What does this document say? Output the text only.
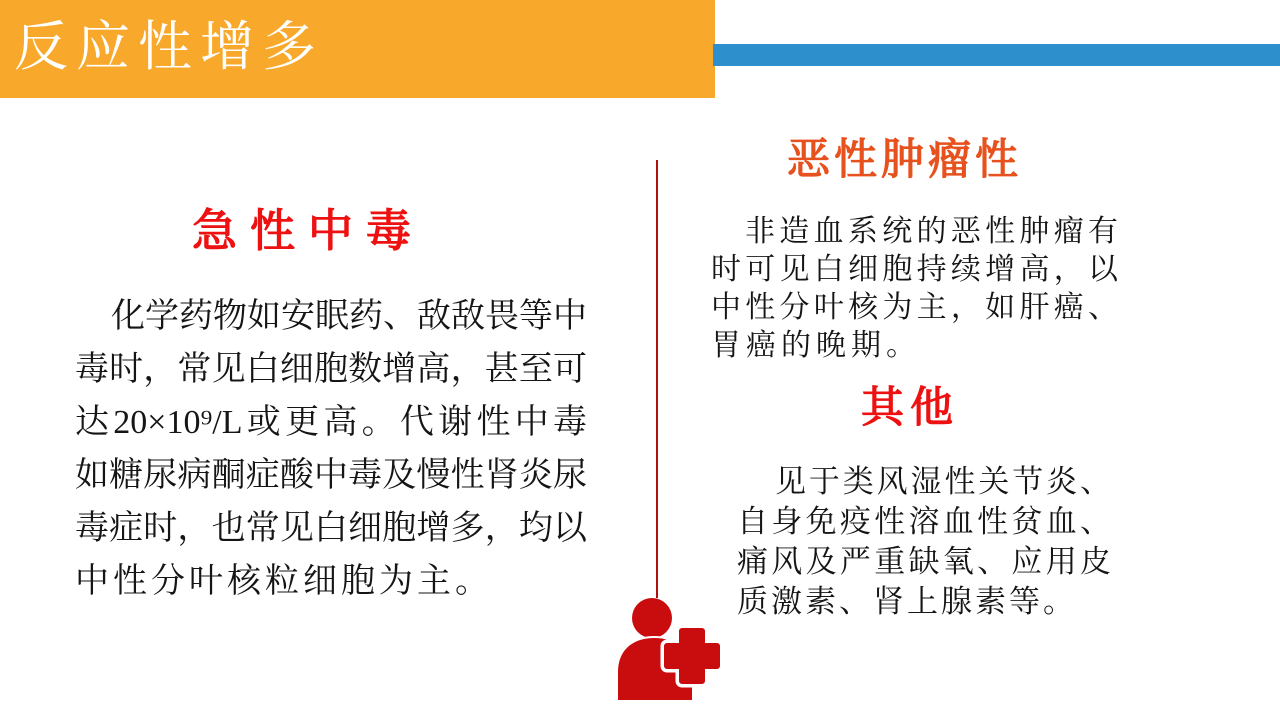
反应性增多
急性中毒
化学药物如安眠药、敌敌畏等中
毒时，常见白细胞数增高，甚至可
达20×10⁹/L或更高。代谢性中毒
如糖尿病酮症酸中毒及慢性肾炎尿
毒症时，也常见白细胞增多，均以
中性分叶核粒细胞为主。
恶性肿瘤性
非造血系统的恶性肿瘤有
时可见白细胞持续增高，以
中性分叶核为主，如肝癌、
胃癌的晚期。
其他
见于类风湿性关节炎、
自身免疫性溶血性贫血、
痛风及严重缺氧、应用皮
质激素、肾上腺素等。
